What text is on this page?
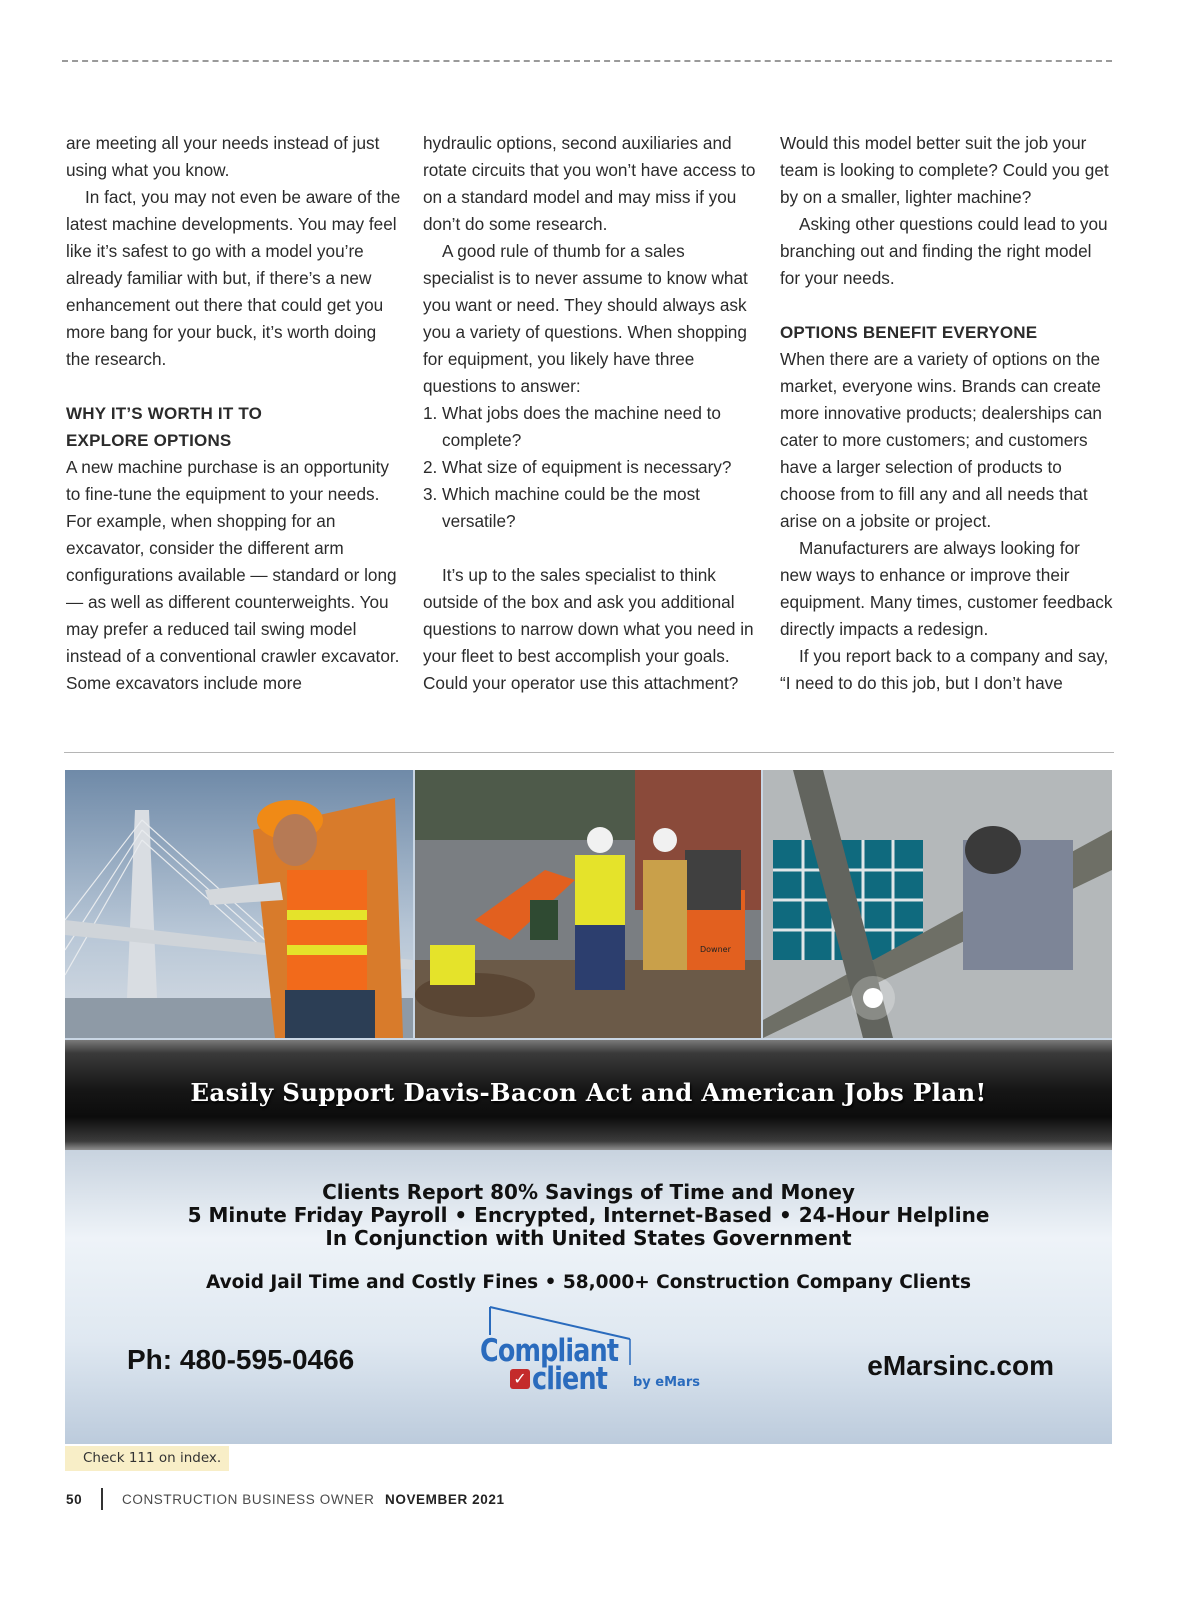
are meeting all your needs instead of just using what you know.

In fact, you may not even be aware of the latest machine developments. You may feel like it’s safest to go with a model you’re already familiar with but, if there’s a new enhancement out there that could get you more bang for your buck, it’s worth doing the research.

WHY IT’S WORTH IT TO
EXPLORE OPTIONS

A new machine purchase is an opportunity to fine-tune the equipment to your needs. For example, when shopping for an excavator, consider the different arm configurations available — standard or long — as well as different counterweights. You may prefer a reduced tail swing model instead of a conventional crawler excavator. Some excavators include more

hydraulic options, second auxiliaries and rotate circuits that you won’t have access to on a standard model and may miss if you don’t do some research.

A good rule of thumb for a sales specialist is to never assume to know what you want or need. They should always ask you a variety of questions. When shopping for equipment, you likely have three questions to answer:

1. What jobs does the machine need to complete?
2. What size of equipment is necessary?
3. Which machine could be the most versatile?

It’s up to the sales specialist to think outside of the box and ask you additional questions to narrow down what you need in your fleet to best accomplish your goals. Could your operator use this attachment?

Would this model better suit the job your team is looking to complete? Could you get by on a smaller, lighter machine?

Asking other questions could lead to you branching out and finding the right model for your needs.

OPTIONS BENEFIT EVERYONE

When there are a variety of options on the market, everyone wins. Brands can create more innovative products; dealerships can cater to more customers; and customers have a larger selection of products to choose from to fill any and all needs that arise on a jobsite or project.

Manufacturers are always looking for new ways to enhance or improve their equipment. Many times, customer feedback directly impacts a redesign.

If you report back to a company and say, “I need to do this job, but I don’t have

Downer
Easily Support Davis-Bacon Act and American Jobs Plan!
Clients Report 80% Savings of Time and Money
5 Minute Friday Payroll • Encrypted, Internet-Based • 24-Hour Helpline
In Conjunction with United States Government
Avoid Jail Time and Costly Fines • 58,000+ Construction Company Clients
Ph: 480-595-0466	Compliant
✓ client by eMars
eMarsinc.com
Check 111 on index.
50	CONSTRUCTION BUSINESS OWNER NOVEMBER 2021
